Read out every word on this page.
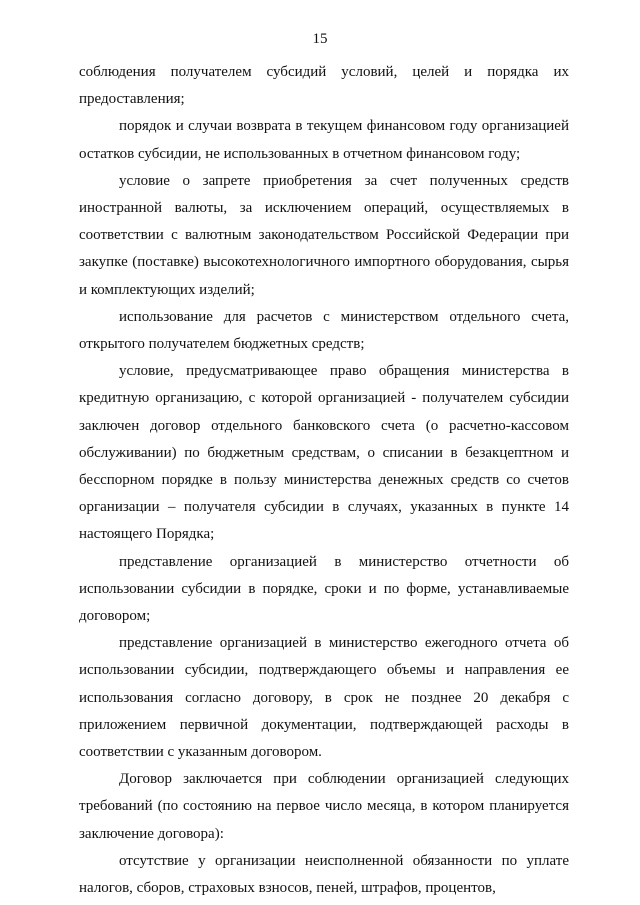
15

соблюдения получателем субсидий условий, целей и порядка их предоставления;

порядок и случаи возврата в текущем финансовом году организацией остатков субсидии, не использованных в отчетном финансовом году;

условие о запрете приобретения за счет полученных средств иностранной валюты, за исключением операций, осуществляемых в соответствии с валютным законодательством Российской Федерации при закупке (поставке) высокотехнологичного импортного оборудования, сырья и комплектующих изделий;

использование для расчетов с министерством отдельного счета, открытого получателем бюджетных средств;

условие, предусматривающее право обращения министерства в кредитную организацию, с которой организацией - получателем субсидии заключен договор отдельного банковского счета (о расчетно-кассовом обслуживании) по бюджетным средствам, о списании в безакцептном и бесспорном порядке в пользу министерства денежных средств со счетов организации – получателя субсидии в случаях, указанных в пункте 14 настоящего Порядка;

представление организацией в министерство отчетности об использовании субсидии в порядке, сроки и по форме, устанавливаемые договором;

представление организацией в министерство ежегодного отчета об использовании субсидии, подтверждающего объемы и направления ее использования согласно договору, в срок не позднее 20 декабря с приложением первичной документации, подтверждающей расходы в соответствии с указанным договором.

Договор заключается при соблюдении организацией следующих требований (по состоянию на первое число месяца, в котором планируется заключение договора):

отсутствие у организации неисполненной обязанности по уплате налогов, сборов, страховых взносов, пеней, штрафов, процентов,
